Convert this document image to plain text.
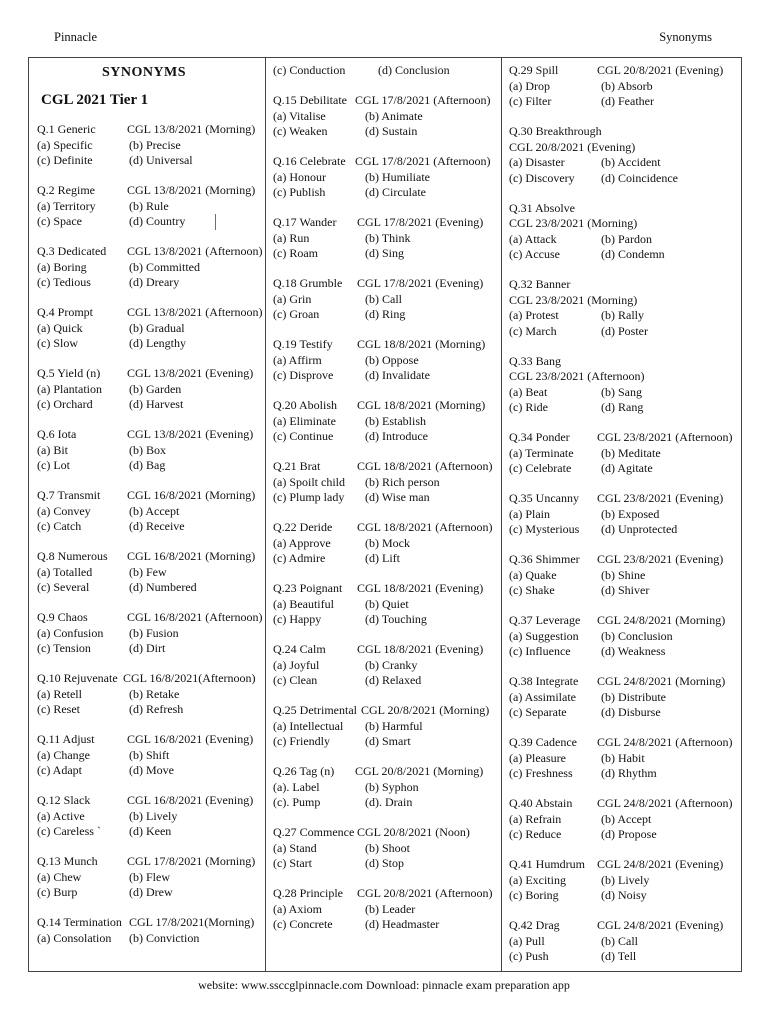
Pinnacle	Synonyms
SYNONYMS
CGL 2021 Tier 1
Q.1 Generic	CGL 13/8/2021 (Morning)
(a) Specific	(b) Precise
(c) Definite	(d) Universal
Q.2 Regime	CGL 13/8/2021 (Morning)
(a) Territory	(b) Rule
(c) Space	(d) Country
Q.3 Dedicated CGL 13/8/2021 (Afternoon)
(a) Boring	(b) Committed
(c) Tedious	(d) Dreary
Q.4 Prompt	CGL 13/8/2021 (Afternoon)
(a) Quick	(b) Gradual
(c) Slow	(d) Lengthy
Q.5 Yield (n) CGL 13/8/2021 (Evening)
(a) Plantation	(b) Garden
(c) Orchard	(d) Harvest
Q.6 Iota	CGL 13/8/2021 (Evening)
(a) Bit	(b) Box
(c) Lot	(d) Bag
Q.7 Transmit CGL 16/8/2021 (Morning)
(a) Convey	(b) Accept
(c) Catch	(d) Receive
Q.8 Numerous CGL 16/8/2021 (Morning)
(a) Totalled	(b) Few
(c) Several	(d) Numbered
Q.9 Chaos	CGL 16/8/2021 (Afternoon)
(a) Confusion	(b) Fusion
(c) Tension	(d) Dirt
Q.10 Rejuvenate CGL 16/8/2021(Afternoon)
(a) Retell	(b) Retake
(c) Reset	(d) Refresh
Q.11 Adjust	CGL 16/8/2021 (Evening)
(a) Change	(b) Shift
(c) Adapt	(d) Move
Q.12 Slack	CGL 16/8/2021 (Evening)
(a) Active	(b) Lively
(c) Careless `	(d) Keen
Q.13 Munch CGL 17/8/2021 (Morning)
(a) Chew	(b) Flew
(c) Burp	(d) Drew
Q.14 Termination CGL 17/8/2021(Morning)
(a) Consolation	(b) Conviction
(c) Conduction	(d) Conclusion
Q.15 Debilitate CGL 17/8/2021 (Afternoon)
(a) Vitalise	(b) Animate
(c) Weaken	(d) Sustain
Q.16 Celebrate CGL 17/8/2021 (Afternoon)
(a) Honour	(b) Humiliate
(c) Publish	(d) Circulate
Q.17 Wander CGL 17/8/2021 (Evening)
(a) Run	(b) Think
(c) Roam	(d) Sing
Q.18 Grumble CGL 17/8/2021 (Evening)
(a) Grin	(b) Call
(c) Groan	(d) Ring
Q.19 Testify CGL 18/8/2021 (Morning)
(a) Affirm	(b) Oppose
(c) Disprove	(d) Invalidate
Q.20 Abolish CGL 18/8/2021 (Morning)
(a) Eliminate	(b) Establish
(c) Continue	(d) Introduce
Q.21 Brat	CGL 18/8/2021 (Afternoon)
(a) Spoilt child	(b) Rich person
(c) Plump lady	(d) Wise man
Q.22 Deride CGL 18/8/2021 (Afternoon)
(a) Approve	(b) Mock
(c) Admire	(d) Lift
Q.23 Poignant CGL 18/8/2021 (Evening)
(a) Beautiful	(b) Quiet
(c) Happy	(d) Touching
Q.24 Calm	CGL 18/8/2021 (Evening)
(a) Joyful	(b) Cranky
(c) Clean	(d) Relaxed
Q.25 Detrimental CGL 20/8/2021 (Morning)
(a) Intellectual	(b) Harmful
(c) Friendly	(d) Smart
Q.26 Tag (n) CGL 20/8/2021 (Morning)
(a). Label	(b) Syphon
(c). Pump	(d). Drain
Q.27 Commence CGL 20/8/2021 (Noon)
(a) Stand	(b) Shoot
(c) Start	(d) Stop
Q.28 Principle CGL 20/8/2021 (Afternoon)
(a) Axiom	(b) Leader
(c) Concrete	(d) Headmaster
Q.29 Spill	CGL 20/8/2021 (Evening)
(a) Drop	(b) Absorb
(c) Filter	(d) Feather
Q.30 Breakthrough
CGL 20/8/2021 (Evening)
(a) Disaster	(b) Accident
(c) Discovery	(d) Coincidence
Q.31 Absolve
CGL 23/8/2021 (Morning)
(a) Attack	(b) Pardon
(c) Accuse	(d) Condemn
Q.32 Banner
CGL 23/8/2021 (Morning)
(a) Protest	(b) Rally
(c) March	(d) Poster
Q.33 Bang
CGL 23/8/2021 (Afternoon)
(a) Beat	(b) Sang
(c) Ride	(d) Rang
Q.34 Ponder CGL 23/8/2021 (Afternoon)
(a) Terminate	(b) Meditate
(c) Celebrate	(d) Agitate
Q.35 Uncanny CGL 23/8/2021 (Evening)
(a) Plain	(b) Exposed
(c) Mysterious	(d) Unprotected
Q.36 Shimmer CGL 23/8/2021 (Evening)
(a) Quake	(b) Shine
(c) Shake	(d) Shiver
Q.37 Leverage CGL 24/8/2021 (Morning)
(a) Suggestion	(b) Conclusion
(c) Influence	(d) Weakness
Q.38 Integrate CGL 24/8/2021 (Morning)
(a) Assimilate	(b) Distribute
(c) Separate	(d) Disburse
Q.39 Cadence CGL 24/8/2021 (Afternoon)
(a) Pleasure	(b) Habit
(c) Freshness	(d) Rhythm
Q.40 Abstain CGL 24/8/2021 (Afternoon)
(a) Refrain	(b) Accept
(c) Reduce	(d) Propose
Q.41 Humdrum CGL 24/8/2021 (Evening)
(a) Exciting	(b) Lively
(c) Boring	(d) Noisy
Q.42 Drag	CGL 24/8/2021 (Evening)
(a) Pull	(b) Call
(c) Push	(d) Tell
website: www.ssccglpinnacle.com Download: pinnacle exam preparation app
